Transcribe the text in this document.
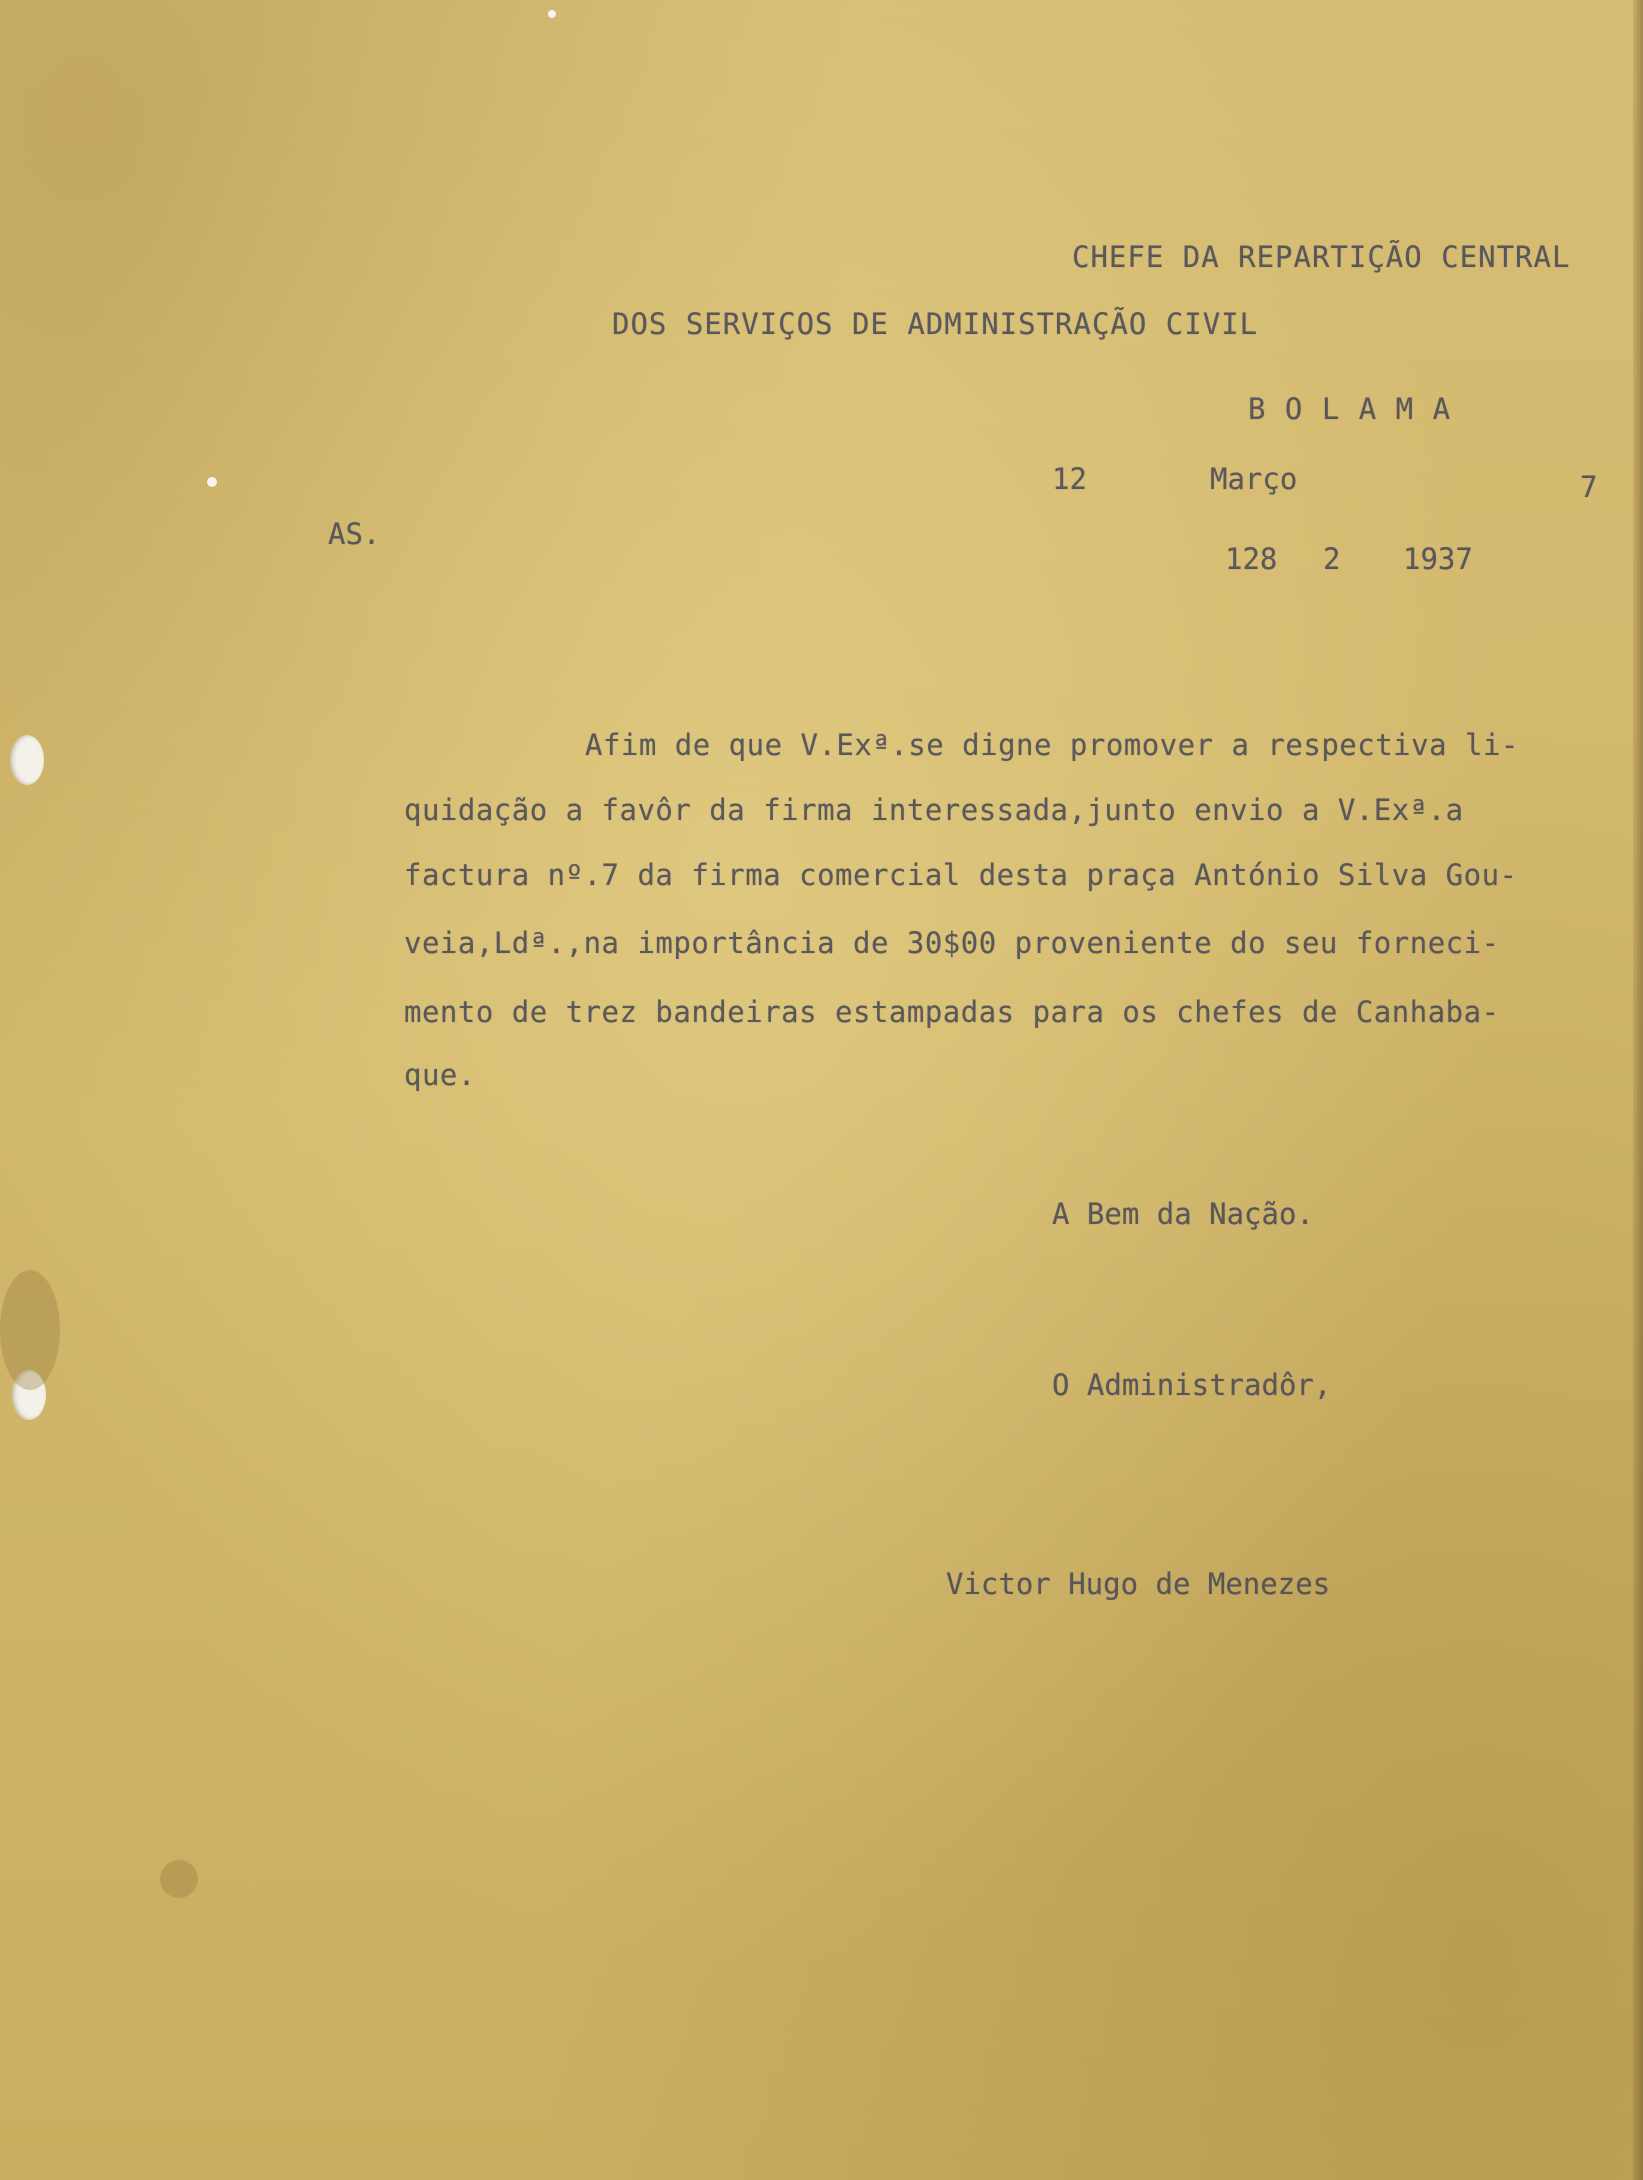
CHEFE DA REPARTIÇÃO CENTRAL
DOS SERVIÇOS DE ADMINISTRAÇÃO CIVIL
B O L A M A
12	Março	7
AS.
128 2 1937
Afim de que V.Exª.se digne promover a respectiva li-
quidação a favôr da firma interessada,junto envio a V.Exª.a
factura nº.7 da firma comercial desta praça António Silva Gou-
veia,Ldª.,na importância de 30$00 proveniente do seu forneci-
mento de trez bandeiras estampadas para os chefes de Canhaba-
que.
A Bem da Nação.
O Administradôr,
Victor Hugo de Menezes
